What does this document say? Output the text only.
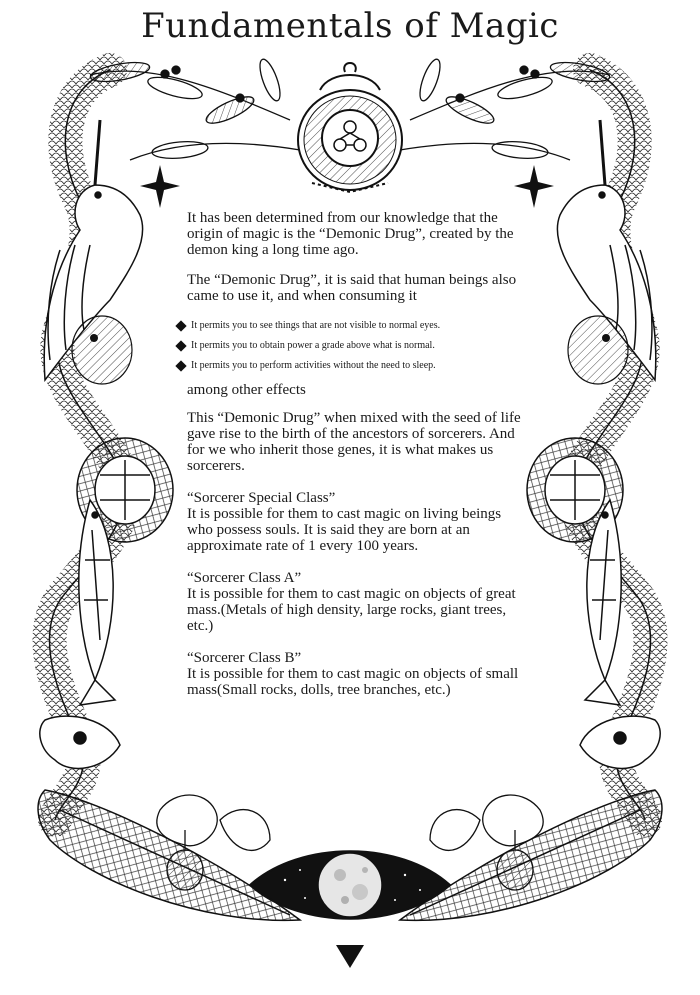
Fundamentals of Magic

It has been determined from our knowledge that the origin of magic is the “Demonic Drug”, created by the demon king a long time ago.

The “Demonic Drug”, it is said that human beings also came to use it, and when consuming it

It permits you to see things that are not visible to normal eyes.
It permits you to obtain power a grade above what is normal.
It permits you to perform activities without the need to sleep.

among other effects

This “Demonic Drug” when mixed with the seed of life gave rise to the birth of the ancestors of sorcerers. And for we who inherit those genes, it is what makes us sorcerers.

“Sorcerer Special Class”

It is possible for them to cast magic on living beings who possess souls. It is said they are born at an approximate rate of 1 every 100 years.

“Sorcerer Class A”

It is possible for them to cast magic on objects of great mass.(Metals of high density, large rocks, giant trees, etc.)

“Sorcerer Class B”

It is possible for them to cast magic on objects of small mass(Small rocks, dolls, tree branches, etc.)
